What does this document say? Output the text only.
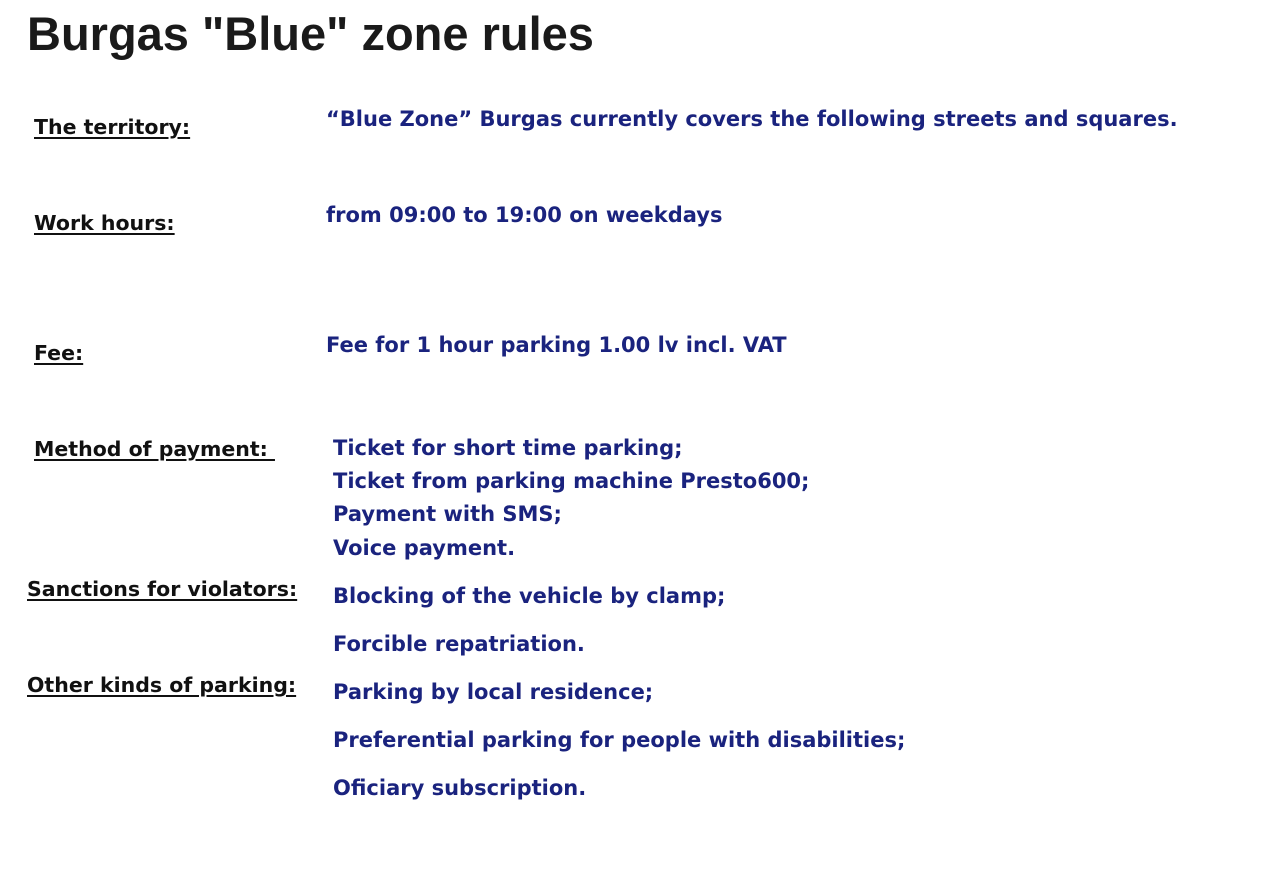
Burgas "Blue" zone rules
The territory:	“Blue Zone” Burgas currently covers the following streets and squares.
Work hours:	from 09:00 to 19:00 on weekdays
Fee:	Fee for 1 hour parking 1.00 lv incl. VAT
Method of payment:	Ticket for short time parking;
Ticket from parking machine Presto600;
Payment with SMS;
Voice payment.
Sanctions for violators: Blocking of the vehicle by clamp;
Forcible repatriation.
Other kinds of parking: Parking by local residence;
Preferential parking for people with disabilities;
Oficiary subscription.
